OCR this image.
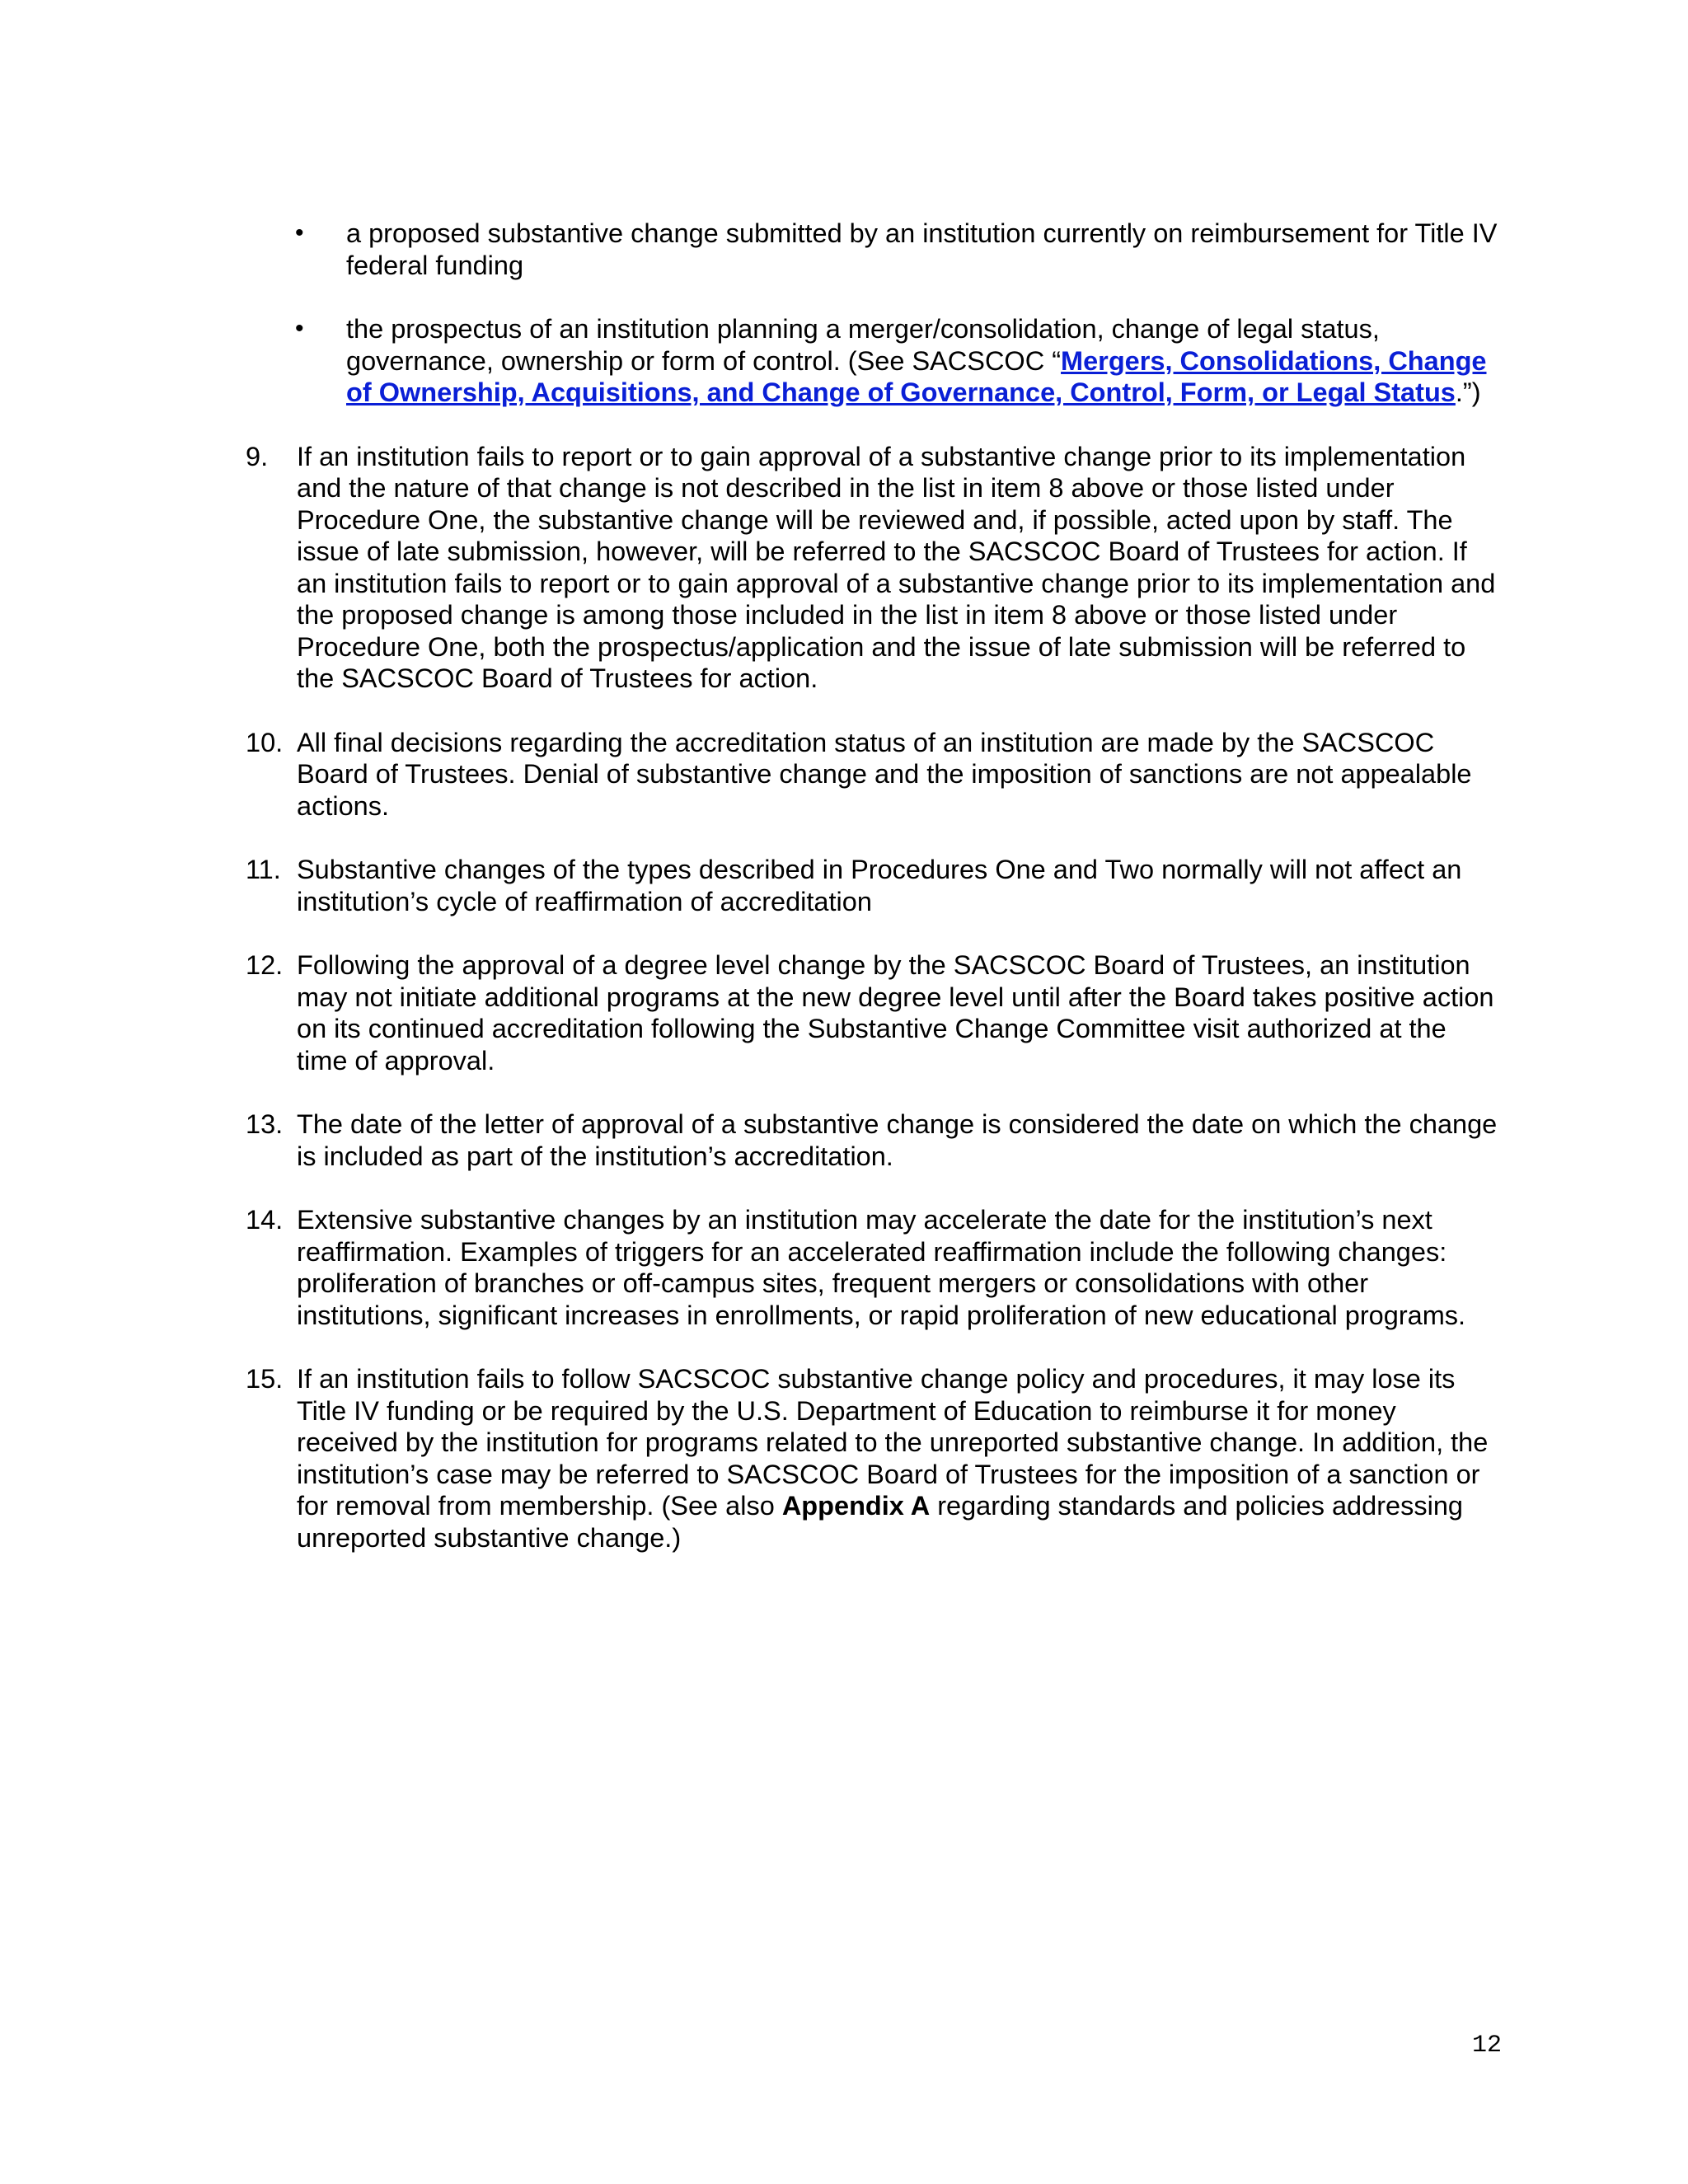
• a proposed substantive change submitted by an institution currently on reimbursement for Title IV federal funding
• the prospectus of an institution planning a merger/consolidation, change of legal status, governance, ownership or form of control. (See SACSCOC “Mergers, Consolidations, Change of Ownership, Acquisitions, and Change of Governance, Control, Form, or Legal Status.”)
9. If an institution fails to report or to gain approval of a substantive change prior to its implementation and the nature of that change is not described in the list in item 8 above or those listed under Procedure One, the substantive change will be reviewed and, if possible, acted upon by staff. The issue of late submission, however, will be referred to the SACSCOC Board of Trustees for action. If an institution fails to report or to gain approval of a substantive change prior to its implementation and the proposed change is among those included in the list in item 8 above or those listed under Procedure One, both the prospectus/application and the issue of late submission will be referred to the SACSCOC Board of Trustees for action.
10. All final decisions regarding the accreditation status of an institution are made by the SACSCOC Board of Trustees. Denial of substantive change and the imposition of sanctions are not appealable actions.
11. Substantive changes of the types described in Procedures One and Two normally will not affect an institution’s cycle of reaffirmation of accreditation
12. Following the approval of a degree level change by the SACSCOC Board of Trustees, an institution may not initiate additional programs at the new degree level until after the Board takes positive action on its continued accreditation following the Substantive Change Committee visit authorized at the time of approval.
13. The date of the letter of approval of a substantive change is considered the date on which the change is included as part of the institution’s accreditation.
14. Extensive substantive changes by an institution may accelerate the date for the institution’s next reaffirmation. Examples of triggers for an accelerated reaffirmation include the following changes: proliferation of branches or off-campus sites, frequent mergers or consolidations with other institutions, significant increases in enrollments, or rapid proliferation of new educational programs.
15. If an institution fails to follow SACSCOC substantive change policy and procedures, it may lose its Title IV funding or be required by the U.S. Department of Education to reimburse it for money received by the institution for programs related to the unreported substantive change. In addition, the institution’s case may be referred to SACSCOC Board of Trustees for the imposition of a sanction or for removal from membership. (See also Appendix A regarding standards and policies addressing unreported substantive change.)
12
